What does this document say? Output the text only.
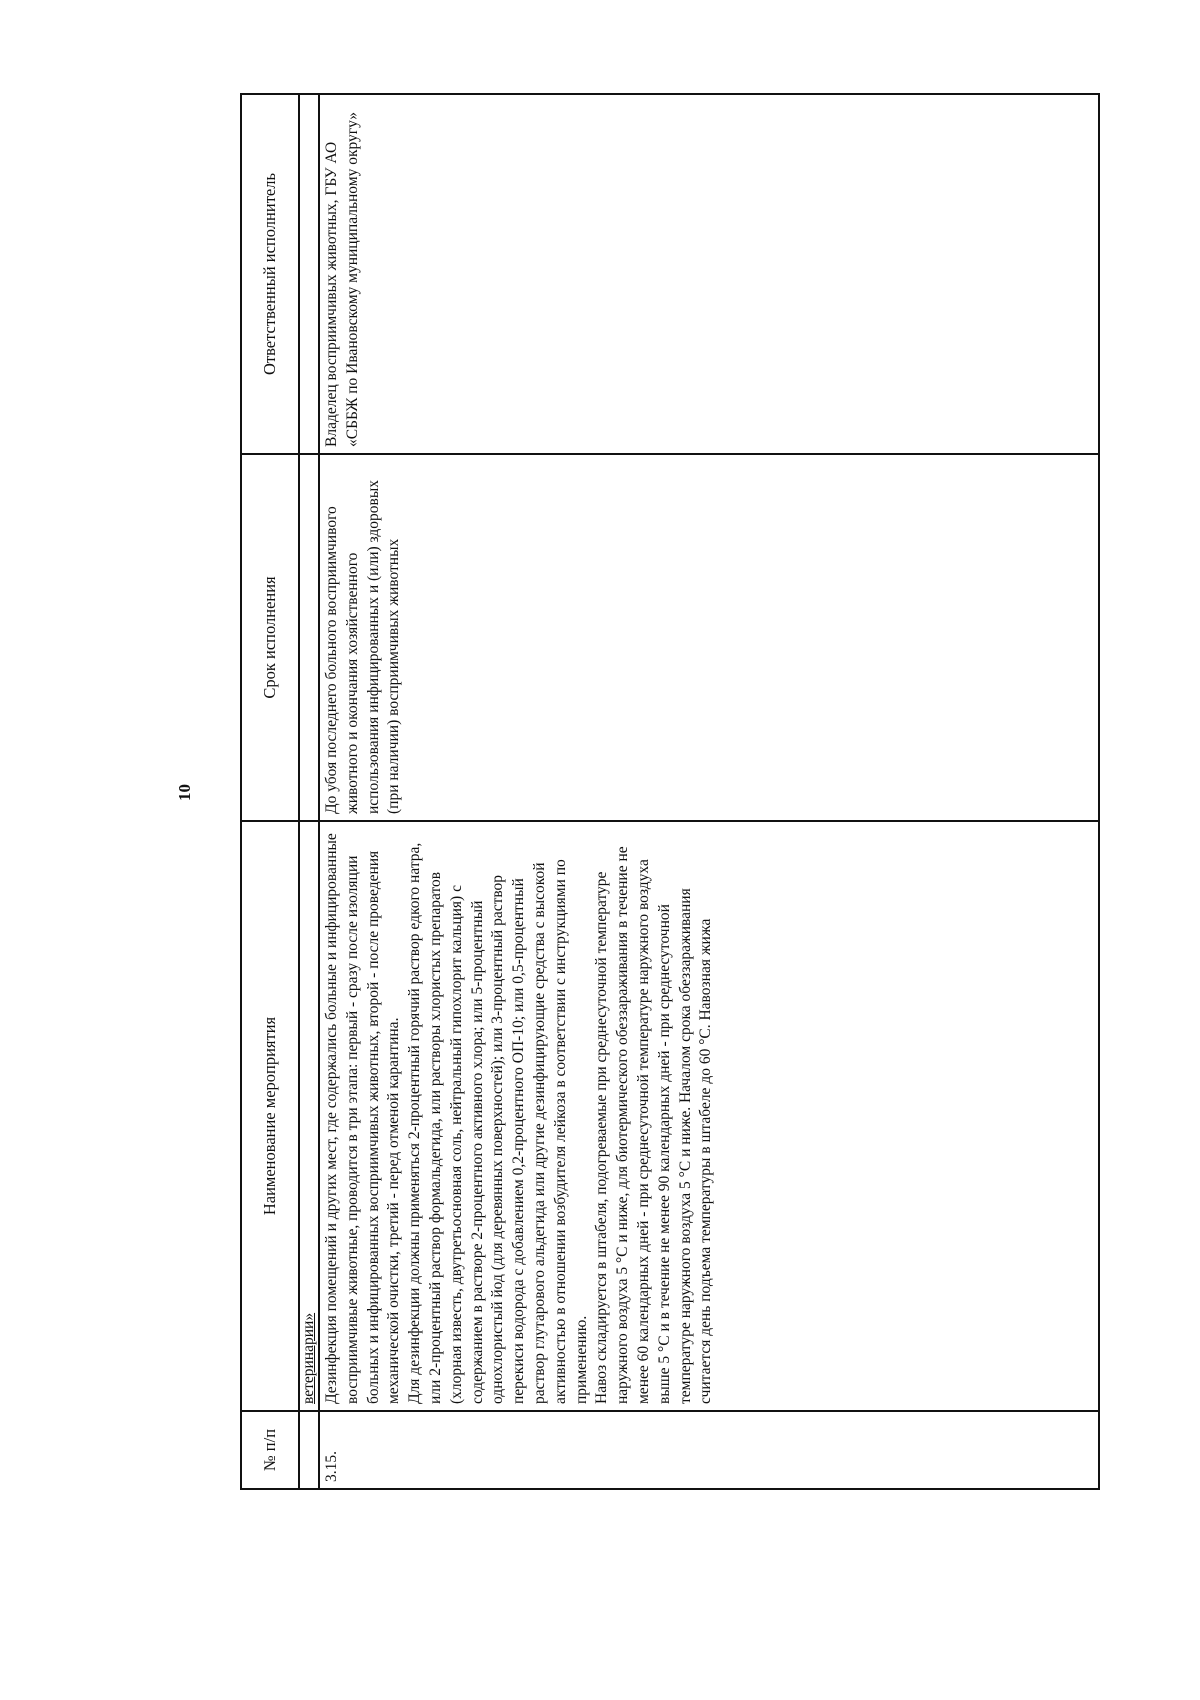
10
№ п/п	Наименование мероприятия	Срок исполнения	Ответственный исполнитель
	ветеринарии»		
3.15.	Дезинфекция помещений и других мест, где содержались больные и инфицированные восприимчивые животные, проводится в три этапа: первый - сразу после изоляции больных и инфицированных восприимчивых животных, второй - после проведения механической очистки, третий - перед отменой карантина. Для дезинфекции должны применяться 2-процентный горячий раствор едкого натра, или 2-процентный раствор формальдегида, или растворы хлористых препаратов (хлорная известь, двутретьосновная соль, нейтральный гипохлорит кальция) с содержанием в растворе 2-процентного активного хлора; или 5-процентный однохлористый йод (для деревянных поверхностей); или 3-процентный раствор перекиси водорода с добавлением 0,2-процентного ОП-10; или 0,5-процентный раствор глутарового альдегида или другие дезинфицирующие средства с высокой активностью в отношении возбудителя лейкоза в соответствии с инструкциями по применению. Навоз складируется в штабеля, подогреваемые при среднесуточной температуре наружного воздуха 5 °С и ниже, для биотермического обеззараживания в течение не менее 60 календарных дней - при среднесуточной температуре наружного воздуха выше 5 °С и в течение не менее 90 календарных дней - при среднесуточной температуре наружного воздуха 5 °С и ниже. Началом срока обеззараживания считается день подъема температуры в штабеле до 60 °С. Навозная жижа	До убоя последнего больного восприимчивого животного и окончания хозяйственного использования инфицированных и (или) здоровых (при наличии) восприимчивых животных	Владелец восприимчивых животных, ГБУ АО «СББЖ по Ивановскому муниципальному округу»
